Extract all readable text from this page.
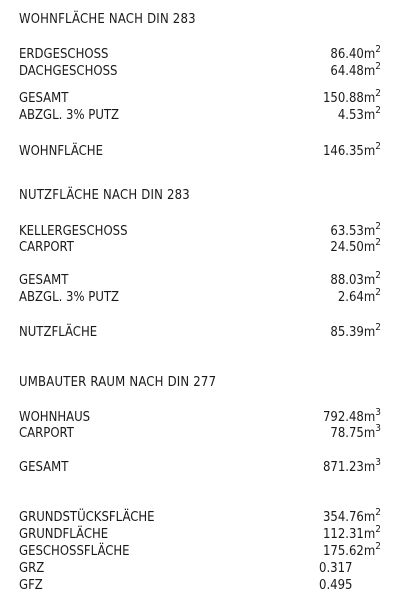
WOHNFLÄCHE NACH DIN 283
ERDGESCHOSS	$86.40m^2$
DACHGESCHOSS	$64.48m^2$
GESAMT	$150.88m^2$
ABZGL. 3% PUTZ	$4.53m^2$
WOHNFLÄCHE	$146.35m^2$
NUTZFLÄCHE NACH DIN 283
KELLERGESCHOSS	$63.53m^2$
CARPORT	$24.50m^2$
GESAMT	$88.03m^2$
ABZGL. 3% PUTZ	$2.64m^2$
NUTZFLÄCHE	$85.39m^2$
UMBAUTER RAUM NACH DIN 277
WOHNHAUS	$792.48m^3$
CARPORT	$78.75m^3$
GESAMT	$871.23m^3$
GRUNDSTÜCKSFLÄCHE	$354.76m^2$
GRUNDFLÄCHE	$112.31m^2$
GESCHOSSFLÄCHE	$175.62m^2$
GRZ	0.317
GFZ	0.495
